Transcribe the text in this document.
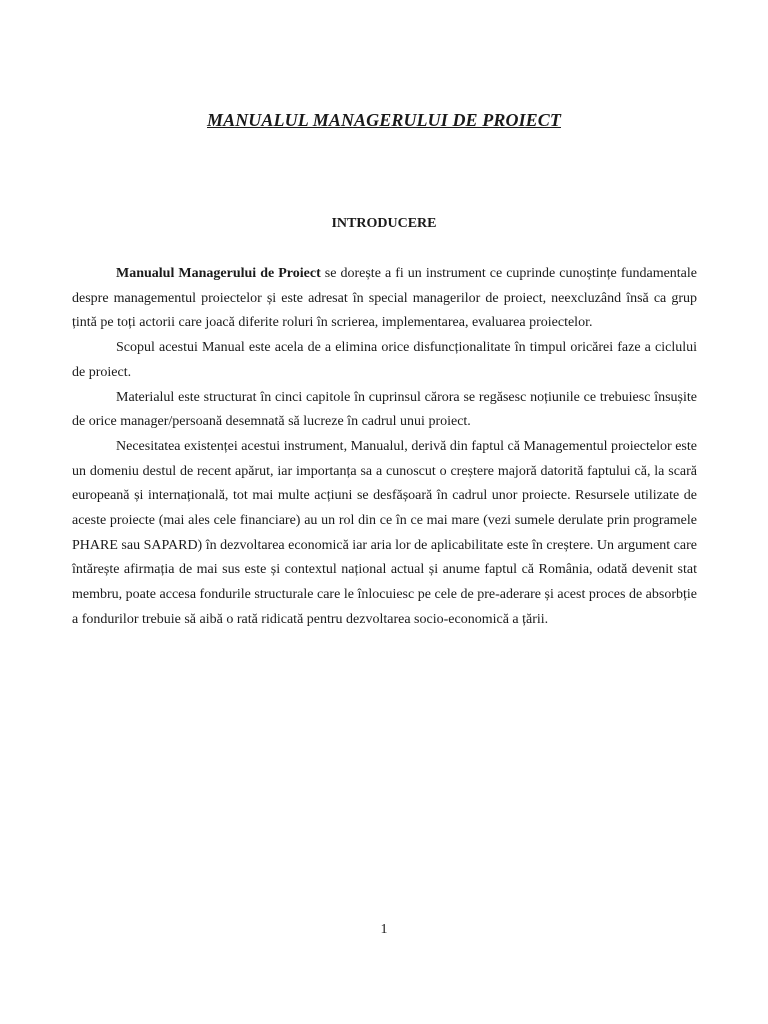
MANUALUL MANAGERULUI DE PROIECT
INTRODUCERE

Manualul Managerului de Proiect se dorește a fi un instrument ce cuprinde cunoștințe fundamentale despre managementul proiectelor și este adresat în special managerilor de proiect, neexcluzând însă ca grup țintă pe toți actorii care joacă diferite roluri în scrierea, implementarea, evaluarea proiectelor.

Scopul acestui Manual este acela de a elimina orice disfuncționalitate în timpul oricărei faze a ciclului de proiect.

Materialul este structurat în cinci capitole în cuprinsul cărora se regăsesc noțiunile ce trebuiesc însușite de orice manager/persoană desemnată să lucreze în cadrul unui proiect.

Necesitatea existenței acestui instrument, Manualul, derivă din faptul că Managementul proiectelor este un domeniu destul de recent apărut, iar importanța sa a cunoscut o creștere majoră datorită faptului că, la scară europeană și internațională, tot mai multe acțiuni se desfășoară în cadrul unor proiecte. Resursele utilizate de aceste proiecte (mai ales cele financiare) au un rol din ce în ce mai mare (vezi sumele derulate prin programele PHARE sau SAPARD) în dezvoltarea economică iar aria lor de aplicabilitate este în creștere. Un argument care întărește afirmația de mai sus este și contextul național actual și anume faptul că România, odată devenit stat membru, poate accesa fondurile structurale care le înlocuiesc pe cele de pre-aderare și acest proces de absorbție a fondurilor trebuie să aibă o rată ridicată pentru dezvoltarea socio-economică a țării.

1
